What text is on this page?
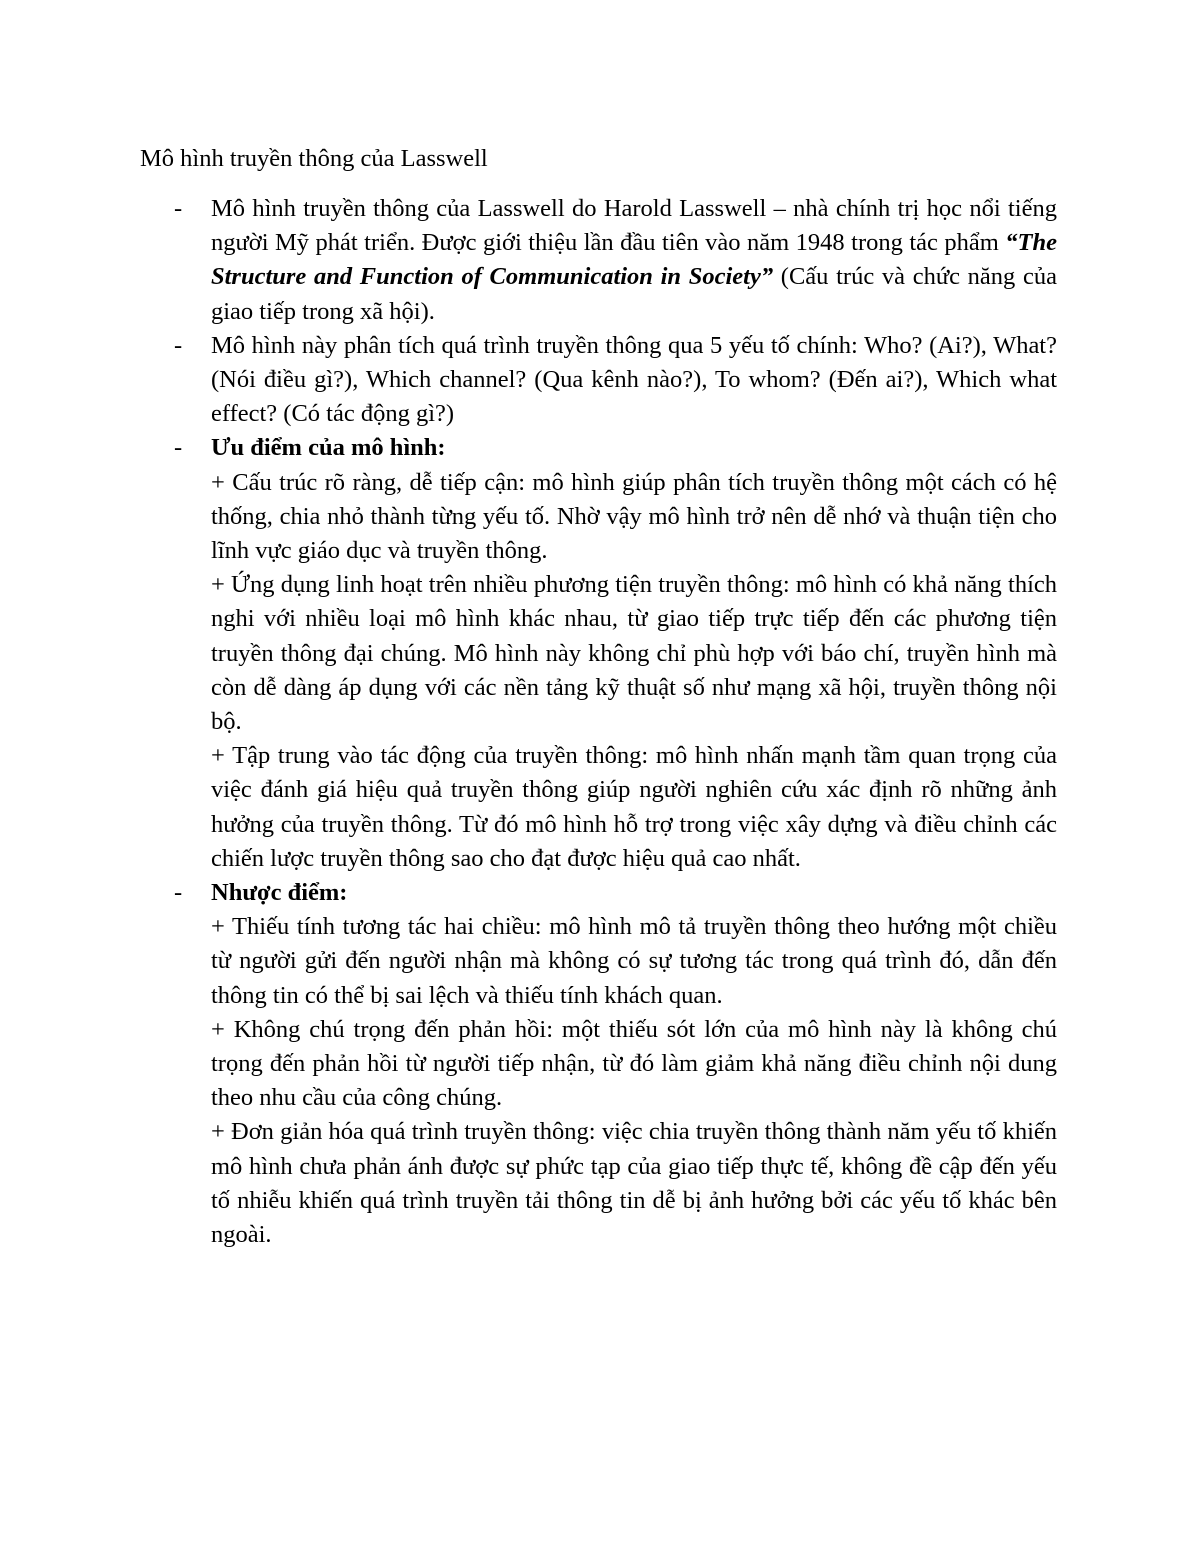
Mô hình truyền thông của Lasswell
- Mô hình truyền thông của Lasswell do Harold Lasswell – nhà chính trị học nổi tiếng người Mỹ phát triển. Được giới thiệu lần đầu tiên vào năm 1948 trong tác phẩm “The Structure and Function of Communication in Society” (Cấu trúc và chức năng của giao tiếp trong xã hội).

- Mô hình này phân tích quá trình truyền thông qua 5 yếu tố chính: Who? (Ai?), What? (Nói điều gì?), Which channel? (Qua kênh nào?), To whom? (Đến ai?), Which what effect? (Có tác động gì?)

- Ưu điểm của mô hình:

+ Cấu trúc rõ ràng, dễ tiếp cận: mô hình giúp phân tích truyền thông một cách có hệ thống, chia nhỏ thành từng yếu tố. Nhờ vậy mô hình trở nên dễ nhớ và thuận tiện cho lĩnh vực giáo dục và truyền thông.

+ Ứng dụng linh hoạt trên nhiều phương tiện truyền thông: mô hình có khả năng thích nghi với nhiều loại mô hình khác nhau, từ giao tiếp trực tiếp đến các phương tiện truyền thông đại chúng. Mô hình này không chỉ phù hợp với báo chí, truyền hình mà còn dễ dàng áp dụng với các nền tảng kỹ thuật số như mạng xã hội, truyền thông nội bộ.

+ Tập trung vào tác động của truyền thông: mô hình nhấn mạnh tầm quan trọng của việc đánh giá hiệu quả truyền thông giúp người nghiên cứu xác định rõ những ảnh hưởng của truyền thông. Từ đó mô hình hỗ trợ trong việc xây dựng và điều chỉnh các chiến lược truyền thông sao cho đạt được hiệu quả cao nhất.

- Nhược điểm:

+ Thiếu tính tương tác hai chiều: mô hình mô tả truyền thông theo hướng một chiều từ người gửi đến người nhận mà không có sự tương tác trong quá trình đó, dẫn đến thông tin có thể bị sai lệch và thiếu tính khách quan.

+ Không chú trọng đến phản hồi: một thiếu sót lớn của mô hình này là không chú trọng đến phản hồi từ người tiếp nhận, từ đó làm giảm khả năng điều chỉnh nội dung theo nhu cầu của công chúng.

+ Đơn giản hóa quá trình truyền thông: việc chia truyền thông thành năm yếu tố khiến mô hình chưa phản ánh được sự phức tạp của giao tiếp thực tế, không đề cập đến yếu tố nhiễu khiến quá trình truyền tải thông tin dễ bị ảnh hưởng bởi các yếu tố khác bên ngoài.
